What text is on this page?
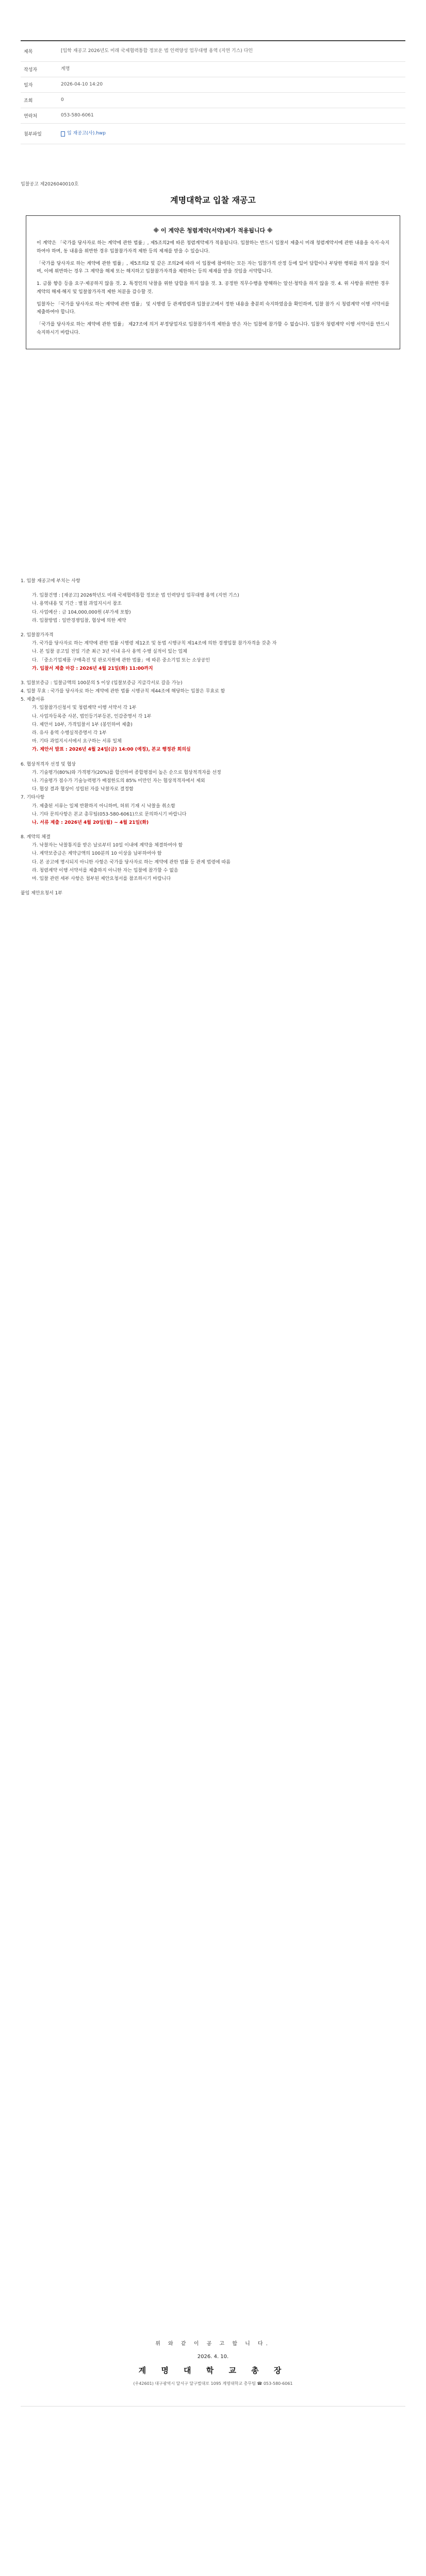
제목	[입학 재공고 2026년도 미래 국제협력통합 정보운 법 인력양성 업무대행 용역 (지연 기스) 다인
작성자	계명
일자	2026-04-10 14:20
조회	0
연락처	053-580-6061
첨부파일	입 재공고(사).hwp
입찰공고 제2026040010호
계명대학교 입찰 재공고
※ 이 계약은 청렴계약(서약)제가 적용됩니다 ※

이 계약은 「국가를 당사자로 하는 계약에 관한 법률」, 제5조의2에 따른 청렴계약제가 적용됩니다. 입찰하는 반드시 입찰서 제출시 미래 청렴계약서에 관한 내용을 숙지·숙지하여야 하며, 동 내용을 위반한 경우 입찰참가자격 제한 등의 제재를 받을 수 있습니다.

「국가를 당사자로 하는 계약에 관한 법률」, 제5조의2 및 같은 조의2에 따라 이 입찰에 참여하는 모든 자는 입찰가격 산정 등에 있어 담합이나 부당한 행위를 하지 않을 것이며, 이에 위반하는 경우 그 계약을 해제 또는 해지하고 입찰참가자격을 제한하는 등의 제재를 받을 것임을 서약합니다.

1. 금품 향응 등을 요구·제공하지 않을 것. 2. 특정인의 낙찰을 위한 담합을 하지 않을 것. 3. 공정한 직무수행을 방해하는 알선·청탁을 하지 않을 것. 4. 위 사항을 위반한 경우 계약의 해제·해지 및 입찰참가자격 제한 처분을 감수할 것.

입찰자는 「국가를 당사자로 하는 계약에 관한 법률」 및 시행령 등 관계법령과 입찰공고에서 정한 내용을 충분히 숙지하였음을 확인하며, 입찰 참가 시 청렴계약 이행 서약서를 제출하여야 합니다.

「국가를 당사자로 하는 계약에 관한 법률」 제27조에 의거 부정당업자로 입찰참가자격 제한을 받은 자는 입찰에 참가할 수 없습니다. 입찰자 청렴계약 이행 서약서를 반드시 숙지하시기 바랍니다.

1. 입찰 재공고에 부치는 사항

가. 입찰건명 : [재공고] 2026학년도 미래 국제협력통합 정보운 법 인력양성 업무대행 용역 (지연 기스)

나. 용역내용 및 기간 : 별첨 과업지시서 참조

다. 사업예산 : 금 104,000,000원 (부가세 포함)

라. 입찰방법 : 일반경쟁입찰, 협상에 의한 계약

2. 입찰참가자격

가. 국가를 당사자로 하는 계약에 관한 법률 시행령 제12조 및 동법 시행규칙 제14조에 의한 경쟁입찰 참가자격을 갖춘 자

나. 본 입찰 공고일 전일 기준 최근 3년 이내 유사 용역 수행 실적이 있는 업체

다. 「중소기업제품 구매촉진 및 판로지원에 관한 법률」에 따른 중소기업 또는 소상공인

가. 입찰서 제출 마감 : 2026년 4월 21일(화) 11:00까지

3. 입찰보증금 : 입찰금액의 100분의 5 이상 (입찰보증금 지급각서로 갈음 가능)

4. 입찰 무효 : 국가를 당사자로 하는 계약에 관한 법률 시행규칙 제44조에 해당하는 입찰은 무효로 함

5. 제출서류

가. 입찰참가신청서 및 청렴계약 이행 서약서 각 1부

나. 사업자등록증 사본, 법인등기부등본, 인감증명서 각 1부

다. 제안서 10부, 가격입찰서 1부 (봉인하여 제출)

라. 유사 용역 수행실적증명서 각 1부

마. 기타 과업지시서에서 요구하는 서류 일체

가. 제안서 발표 : 2026년 4월 24일(금) 14:00 (예정), 본교 행정관 회의실

6. 협상적격자 선정 및 협상

가. 기술평가(80%)와 가격평가(20%)를 합산하여 종합평점이 높은 순으로 협상적격자를 선정

나. 기술평가 점수가 기술능력평가 배점한도의 85% 미만인 자는 협상적격자에서 제외

다. 협상 결과 협상이 성립된 자를 낙찰자로 결정함

7. 기타사항

가. 제출된 서류는 일체 반환하지 아니하며, 허위 기재 시 낙찰을 취소함

나. 기타 문의사항은 본교 총무팀(053-580-6061)으로 문의하시기 바랍니다

나. 서류 제출 : 2026년 4월 20일(월) ~ 4월 21일(화)

8. 계약의 체결

가. 낙찰자는 낙찰통지를 받은 날로부터 10일 이내에 계약을 체결하여야 함

나. 계약보증금은 계약금액의 100분의 10 이상을 납부하여야 함

다. 본 공고에 명시되지 아니한 사항은 국가를 당사자로 하는 계약에 관한 법률 등 관계 법령에 따름

라. 청렴계약 이행 서약서를 제출하지 아니한 자는 입찰에 참가할 수 없음

마. 입찰 관련 세부 사항은 첨부된 제안요청서를 참조하시기 바랍니다

붙임 제안요청서 1부

위 와 같 이 공 고 합 니 다.
2026. 4. 10.
계 명 대 학 교 총 장
(우42601) 대구광역시 달서구 달구벌대로 1095 계명대학교 총무팀 ☎ 053-580-6061
